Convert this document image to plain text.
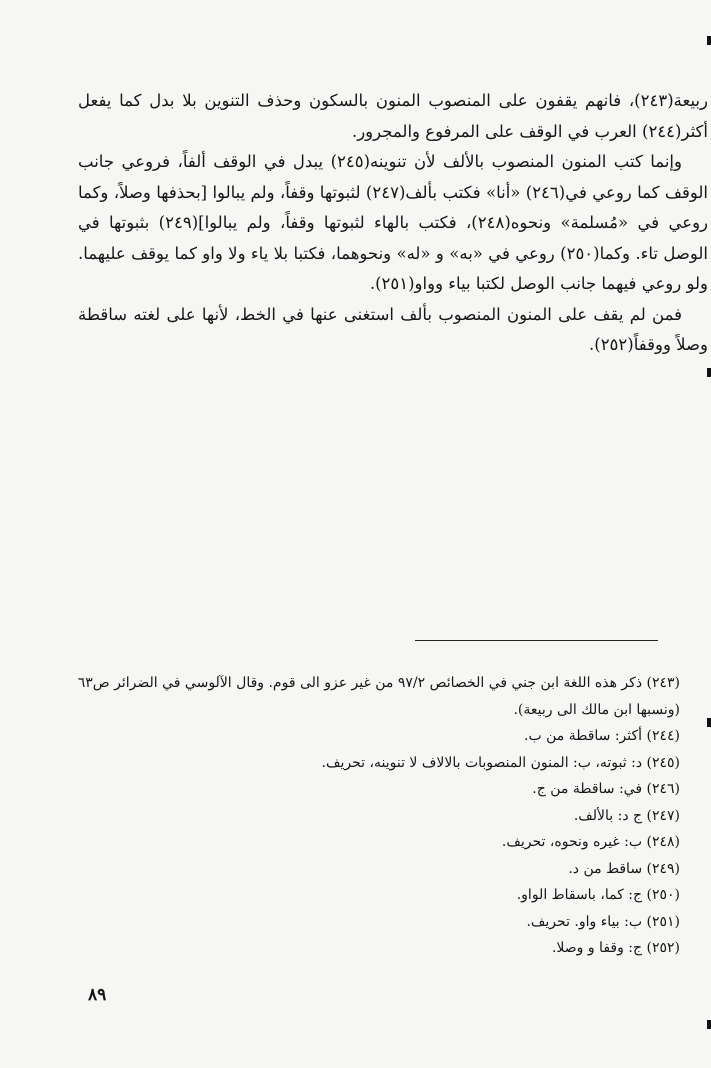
ربيعة(٢٤٣)، فانهم يقفون على المنصوب المنون بالسكون وحذف التنوين بلا بدل كما يفعل أكثر(٢٤٤) العرب في الوقف على المرفوع والمجرور.

وإنما كتب المنون المنصوب بالألف لأن تنوينه(٢٤٥) يبدل في الوقف ألفاً، فروعي جانب الوقف كما روعي في(٢٤٦) «أنا» فكتب بألف(٢٤٧) لثبوتها وقفاً، ولم يبالوا [بحذفها وصلاً، وكما روعي في «مُسلمة» ونحوه(٢٤٨)، فكتب بالهاء لثبوتها وقفاً، ولم يبالوا](٢٤٩) بثبوتها في الوصل تاء. وكما(٢٥٠) روعي في «به» و «له» ونحوهما، فكتبا بلا ياء ولا واو كما يوقف عليهما. ولو روعي فيهما جانب الوصل لكتبا بياء وواو(٢٥١).

فمن لم يقف على المنون المنصوب بألف استغنى عنها في الخط، لأنها على لغته ساقطة وصلاً ووقفاً(٢٥٢).

(٢٤٣) ذكر هذه اللغة ابن جني في الخصائص ٩٧/٢ من غير عزو الى قوم. وقال الآلوسي في الضرائر ص٦٣ (ونسبها ابن مالك الى ربيعة).

(٢٤٤) أكثر: ساقطة من ب.

(٢٤٥) د: ثبوته، ب: المنون المنصوبات بالالاف لا تنوينه، تحريف.

(٢٤٦) في: ساقطة من ج.

(٢٤٧) ج د: بالألف.

(٢٤٨) ب: غيره ونحوه، تحريف.

(٢٤٩) ساقط من د.

(٢٥٠) ج: كما، باسقاط الواو.

(٢٥١) ب: بياء واو. تحريف.

(٢٥٢) ج: وقفا و وصلا.

٨٩
